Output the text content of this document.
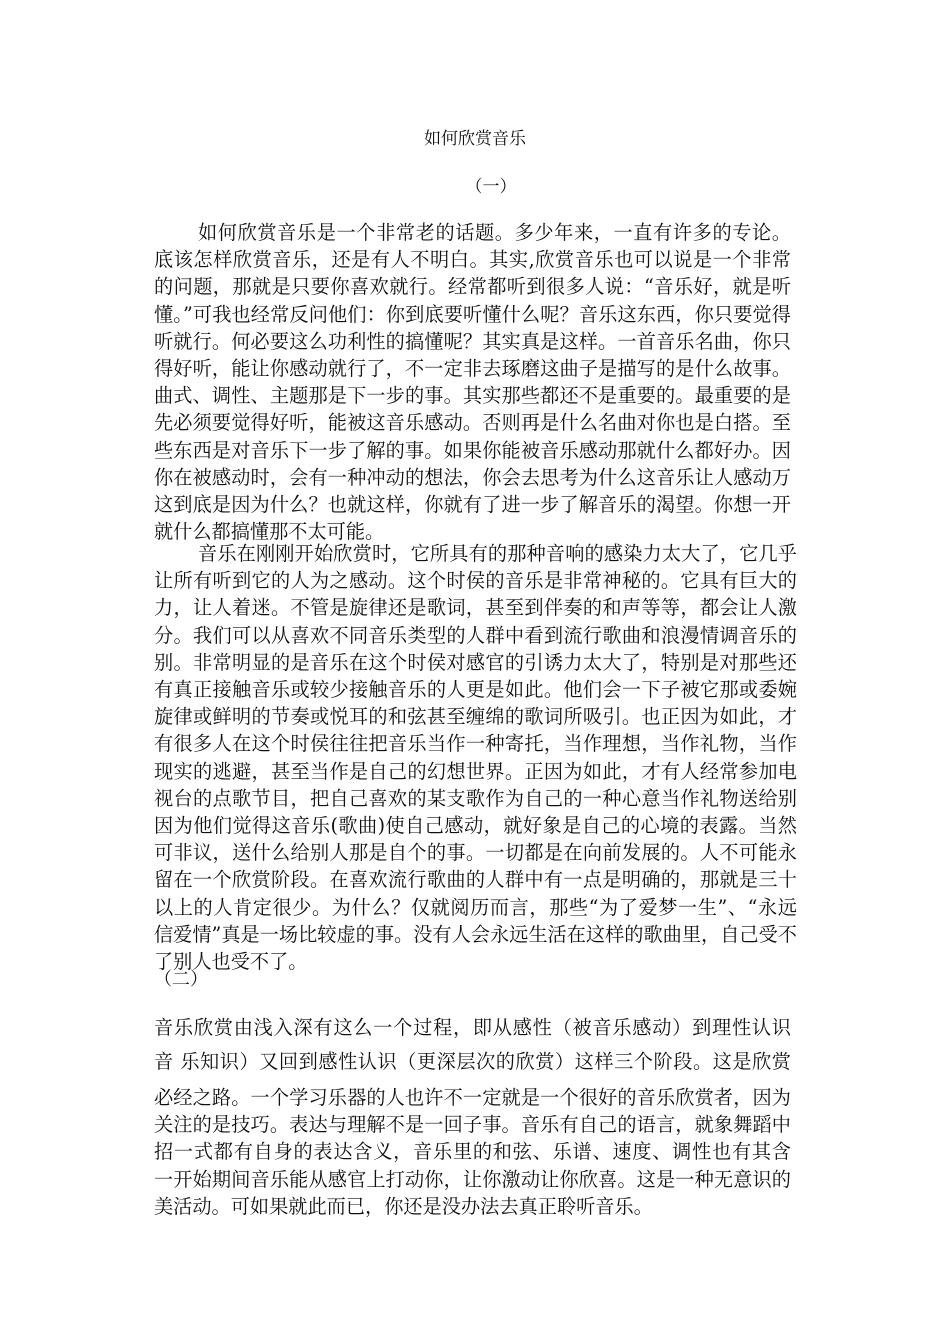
如何欣赏音乐
（一）
如何欣赏音乐是一个非常老的话题。多少年来，一直有许多的专论。
底该怎样欣赏音乐，还是有人不明白。其实,欣赏音乐也可以说是一个非常
的问题，那就是只要你喜欢就行。经常都听到很多人说：“音乐好，就是听
懂。”可我也经常反问他们：你到底要听懂什么呢？音乐这东西，你只要觉得
听就行。何必要这么功利性的搞懂呢？其实真是这样。一首音乐名曲，你只
得好听，能让你感动就行了，不一定非去琢磨这曲子是描写的是什么故事。
曲式、调性、主题那是下一步的事。其实那些都还不是重要的。最重要的是
先必须要觉得好听，能被这音乐感动。否则再是什么名曲对你也是白搭。至
些东西是对音乐下一步了解的事。如果你能被音乐感动那就什么都好办。因
你在被感动时，会有一种冲动的想法，你会去思考为什么这音乐让人感动万
这到底是因为什么？也就这样，你就有了进一步了解音乐的渴望。你想一开
就什么都搞懂那不太可能。
音乐在刚刚开始欣赏时，它所具有的那种音响的感染力太大了，它几乎
让所有听到它的人为之感动。这个时侯的音乐是非常神秘的。它具有巨大的
力，让人着迷。不管是旋律还是歌词，甚至到伴奏的和声等等，都会让人激
分。我们可以从喜欢不同音乐类型的人群中看到流行歌曲和浪漫情调音乐的
别。非常明显的是音乐在这个时侯对感官的引诱力太大了，特别是对那些还
有真正接触音乐或较少接触音乐的人更是如此。他们会一下子被它那或委婉
旋律或鲜明的节奏或悦耳的和弦甚至缠绵的歌词所吸引。也正因为如此，才
有很多人在这个时侯往往把音乐当作一种寄托，当作理想，当作礼物，当作
现实的逃避，甚至当作是自己的幻想世界。正因为如此，才有人经常参加电
视台的点歌节目，把自己喜欢的某支歌作为自己的一种心意当作礼物送给别
因为他们觉得这音乐(歌曲)使自己感动，就好象是自己的心境的表露。当然
可非议，送什么给别人那是自个的事。一切都是在向前发展的。人不可能永
留在一个欣赏阶段。在喜欢流行歌曲的人群中有一点是明确的，那就是三十
以上的人肯定很少。为什么？仅就阅历而言，那些“为了爱梦一生”、“永远
信爱情”真是一场比较虚的事。没有人会永远生活在这样的歌曲里，自己受不
了别人也受不了。
（二）
音乐欣赏由浅入深有这么一个过程，即从感性（被音乐感动）到理性认识
音 乐知识）又回到感性认识（更深层次的欣赏）这样三个阶段。这是欣赏
必经之路。一个学习乐器的人也许不一定就是一个很好的音乐欣赏者，因为
关注的是技巧。表达与理解不是一回子事。音乐有自己的语言，就象舞蹈中
招一式都有自身的表达含义，音乐里的和弦、乐谱、速度、调性也有其含
一开始期间音乐能从感官上打动你，让你激动让你欣喜。这是一种无意识的
美活动。可如果就此而已，你还是没办法去真正聆听音乐。
